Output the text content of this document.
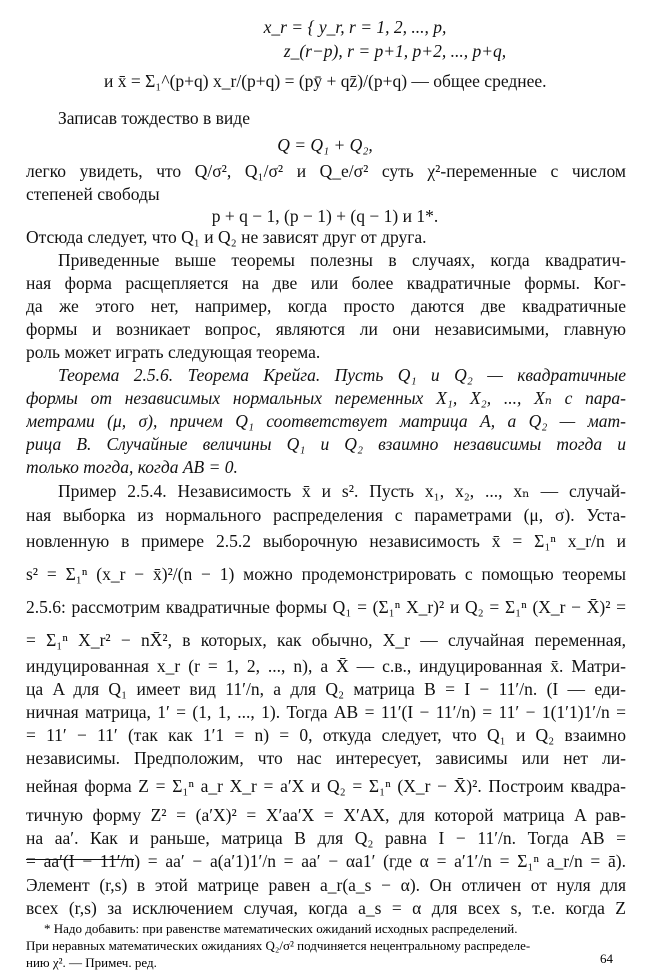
x_r = { y_r, r = 1, 2, ..., p,
z_(r−p), r = p+1, p+2, ..., p+q,
и x̄ = Σ₁^(p+q) x_r/(p+q) = (pȳ + qz̄)/(p+q) — общее среднее.
Записав тождество в виде
Q = Q₁ + Q₂,
легко увидеть, что Q/σ², Q₁/σ² и Q_e/σ² суть χ²-переменные с числом
степеней свободы
p + q − 1, (p − 1) + (q − 1) и 1*.
Отсюда следует, что Q₁ и Q₂ не зависят друг от друга.
Приведенные выше теоремы полезны в случаях, когда квадратич-
ная форма расщепляется на две или более квадратичные формы. Ког-
да же этого нет, например, когда просто даются две квадратичные
формы и возникает вопрос, являются ли они независимыми, главную
роль может играть следующая теорема.
Теорема 2.5.6. Теорема Крейга. Пусть Q₁ и Q₂ — квадратичные
формы от независимых нормальных переменных X₁, X₂, ..., Xₙ с пара-
метрами (μ, σ), причем Q₁ соответствует матрица A, а Q₂ — мат-
рица B. Случайные величины Q₁ и Q₂ взаимно независимы тогда и
только тогда, когда AB = 0.
Пример 2.5.4. Независимость x̄ и s². Пусть x₁, x₂, ..., xₙ — случай-
ная выборка из нормального распределения с параметрами (μ, σ). Уста-
новленную в примере 2.5.2 выборочную независимость x̄ = Σ₁ⁿ x_r/n и
s² = Σ₁ⁿ (x_r − x̄)²/(n − 1) можно продемонстрировать с помощью теоремы
2.5.6: рассмотрим квадратичные формы Q₁ = (Σ₁ⁿ X_r)² и Q₂ = Σ₁ⁿ (X_r − X̄)² =
= Σ₁ⁿ X_r² − nX̄², в которых, как обычно, X_r — случайная переменная,
индуцированная x_r (r = 1, 2, ..., n), а X̄ — с.в., индуцированная x̄. Матри-
ца A для Q₁ имеет вид 11′/n, а для Q₂ матрица B = I − 11′/n. (I — еди-
ничная матрица, 1′ = (1, 1, ..., 1). Тогда AB = 11′(I − 11′/n) = 11′ − 1(1′1)1′/n =
= 11′ − 11′ (так как 1′1 = n) = 0, откуда следует, что Q₁ и Q₂ взаимно
независимы. Предположим, что нас интересует, зависимы или нет ли-
нейная форма Z = Σ₁ⁿ a_r X_r = a′X и Q₂ = Σ₁ⁿ (X_r − X̄)². Построим квадра-
тичную форму Z² = (a′X)² = X′aa′X = X′AX, для которой матрица A рав-
на aa′. Как и раньше, матрица B для Q₂ равна I − 11′/n. Тогда AB =
= aa′(I − 11′/n) = aa′ − a(a′1)1′/n = aa′ − αa1′ (где α = a′1′/n = Σ₁ⁿ a_r/n = ā).
Элемент (r,s) в этой матрице равен a_r(a_s − α). Он отличен от нуля для
всех (r,s) за исключением случая, когда a_s = α для всех s, т.е. когда Z
* Надо добавить: при равенстве математических ожиданий исходных распределений.
При неравных математических ожиданиях Q₂/σ² подчиняется нецентральному распределе-
нию χ². — Примеч. ред.	64
